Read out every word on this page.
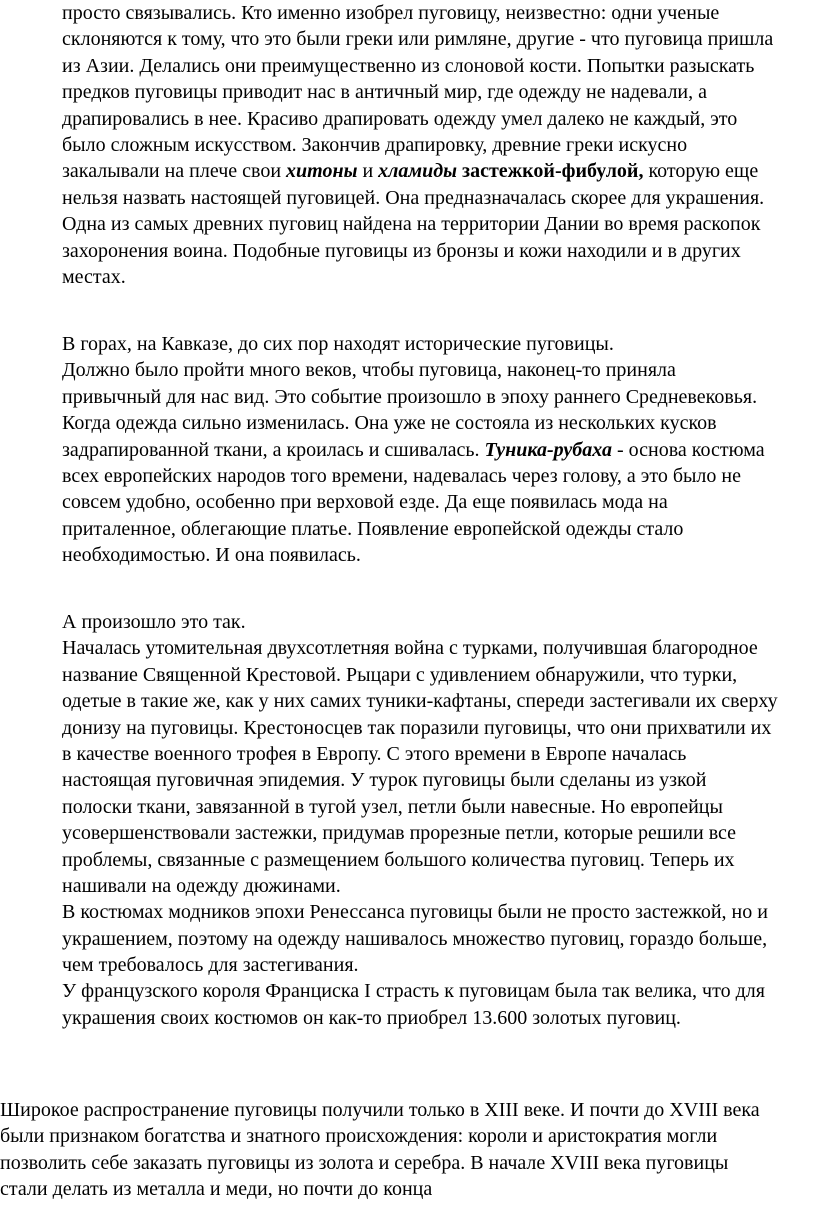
просто связывались. Кто именно изобрел пуговицу, неизвестно: одни ученые
склоняются к тому, что это были греки или римляне, другие - что пуговица пришла
из Азии. Делались они преимущественно из слоновой кости. Попытки разыскать
предков пуговицы приводит нас в античный мир, где одежду не надевали, а
драпировались в нее. Красиво драпировать одежду умел далеко не каждый, это
было сложным искусством. Закончив драпировку, древние греки искусно
закалывали на плече свои хитоны и хламиды застежкой-фибулой, которую еще
нельзя назвать настоящей пуговицей. Она предназначалась скорее для украшения.
Одна из самых древних пуговиц найдена на территории Дании во время раскопок
захоронения воина. Подобные пуговицы из бронзы и кожи находили и в других
местах.
В горах, на Кавказе, до сих пор находят исторические пуговицы.
Должно было пройти много веков, чтобы пуговица, наконец-то приняла
привычный для нас вид. Это событие произошло в эпоху раннего Средневековья.
Когда одежда сильно изменилась. Она уже не состояла из нескольких кусков
задрапированной ткани, а кроилась и сшивалась. Туника-рубаха - основа костюма
всех европейских народов того времени, надевалась через голову, а это было не
совсем удобно, особенно при верховой езде. Да еще появилась мода на
приталенное, облегающие платье. Появление европейской одежды стало
необходимостью. И она появилась.
А произошло это так.
Началась утомительная двухсотлетняя война с турками, получившая благородное
название Священной Крестовой. Рыцари с удивлением обнаружили, что турки,
одетые в такие же, как у них самих туники-кафтаны, спереди застегивали их сверху
донизу на пуговицы. Крестоносцев так поразили пуговицы, что они прихватили их
в качестве военного трофея в Европу. С этого времени в Европе началась
настоящая пуговичная эпидемия. У турок пуговицы были сделаны из узкой
полоски ткани, завязанной в тугой узел, петли были навесные. Но европейцы
усовершенствовали застежки, придумав прорезные петли, которые решили все
проблемы, связанные с размещением большого количества пуговиц. Теперь их
нашивали на одежду дюжинами.
В костюмах модников эпохи Ренессанса пуговицы были не просто застежкой, но и
украшением, поэтому на одежду нашивалось множество пуговиц, гораздо больше,
чем требовалось для застегивания.
У французского короля Франциска I страсть к пуговицам была так велика, что для
украшения своих костюмов он как-то приобрел 13.600 золотых пуговиц.
Широкое распространение пуговицы получили только в XIII веке. И почти до XVIII века
были признаком богатства и знатного происхождения: короли и аристократия могли
позволить себе заказать пуговицы из золота и серебра. В начале XVIII века пуговицы
стали делать из металла и меди, но почти до конца
